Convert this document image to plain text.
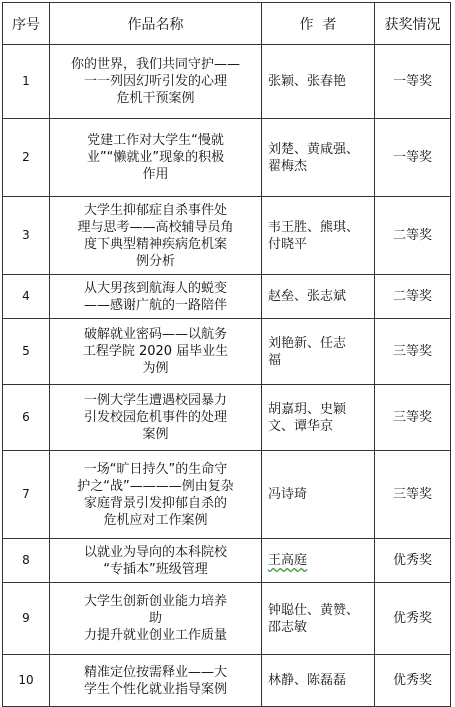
序号	作品名称	作  者	获奖情况
1	你的世界，我们共同守护——
一一列因幻听引发的心理
危机干预案例	张颖、张春艳	一等奖
2	党建工作对大学生“慢就
业”“懒就业”现象的积极
作用	刘楚、黄咸强、
翟梅杰	一等奖
3	大学生抑郁症自杀事件处
理与思考——高校辅导员角
度下典型精神疾病危机案
例分析	韦王胜、熊琪、
付晓平	二等奖
4	从大男孩到航海人的蜕变
——感谢广航的一路陪伴	赵垒、张志斌	二等奖
5	破解就业密码——以航务
工程学院 2020 届毕业生
为例	刘艳新、任志
福	三等奖
6	一例大学生遭遇校园暴力
引发校园危机事件的处理
案例	胡嘉玥、史颖
文、谭华京	三等奖
7	一场“旷日持久”的生命守
护之“战”————例由复杂
家庭背景引发抑郁自杀的
危机应对工作案例	冯诗琦	三等奖
8	以就业为导向的本科院校
“专插本”班级管理	王高庭	优秀奖
9	大学生创新创业能力培养
助
力提升就业创业工作质量	钟聪仕、黄赞、
邵志敏	优秀奖
10	精准定位按需释业——大
学生个性化就业指导案例	林静、陈磊磊	优秀奖
